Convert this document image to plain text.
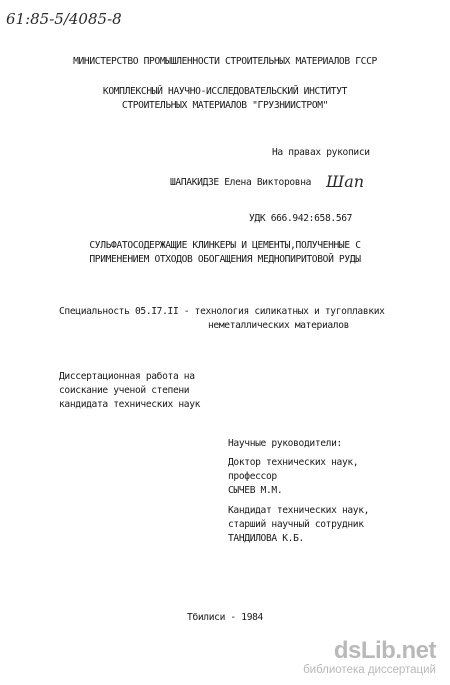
61:85-5/4085-8
МИНИСТЕРСТВО ПРОМЫШЛЕННОСТИ СТРОИТЕЛЬНЫХ МАТЕРИАЛОВ ГССР
КОМПЛЕКСНЫЙ НАУЧНО-ИССЛЕДОВАТЕЛЬСКИЙ ИНСТИТУТ
СТРОИТЕЛЬНЫХ МАТЕРИАЛОВ "ГРУЗНИИСТРОМ"
На правах рукописи
ШАПАКИДЗЕ Елена Викторовна Шап
УДК 666.942:658.567
СУЛЬФАТОСОДЕРЖАЩИЕ КЛИНКЕРЫ И ЦЕМЕНТЫ,ПОЛУЧЕННЫЕ С
ПРИМЕНЕНИЕМ ОТХОДОВ ОБОГАЩЕНИЯ МЕДНОПИРИТОВОЙ РУДЫ
Специальность 05.I7.II - технология силикатных и тугоплавких
неметаллических материалов
Диссертационная работа на
соискание ученой степени
кандидата технических наук
Научные руководители:
Доктор технических наук,
профессор
СЫЧЕВ М.М.
Кандидат технических наук,
старший научный сотрудник
ТАНДИЛОВА К.Б.
Тбилиси - 1984
dsLib.net
библиотека диссертаций
